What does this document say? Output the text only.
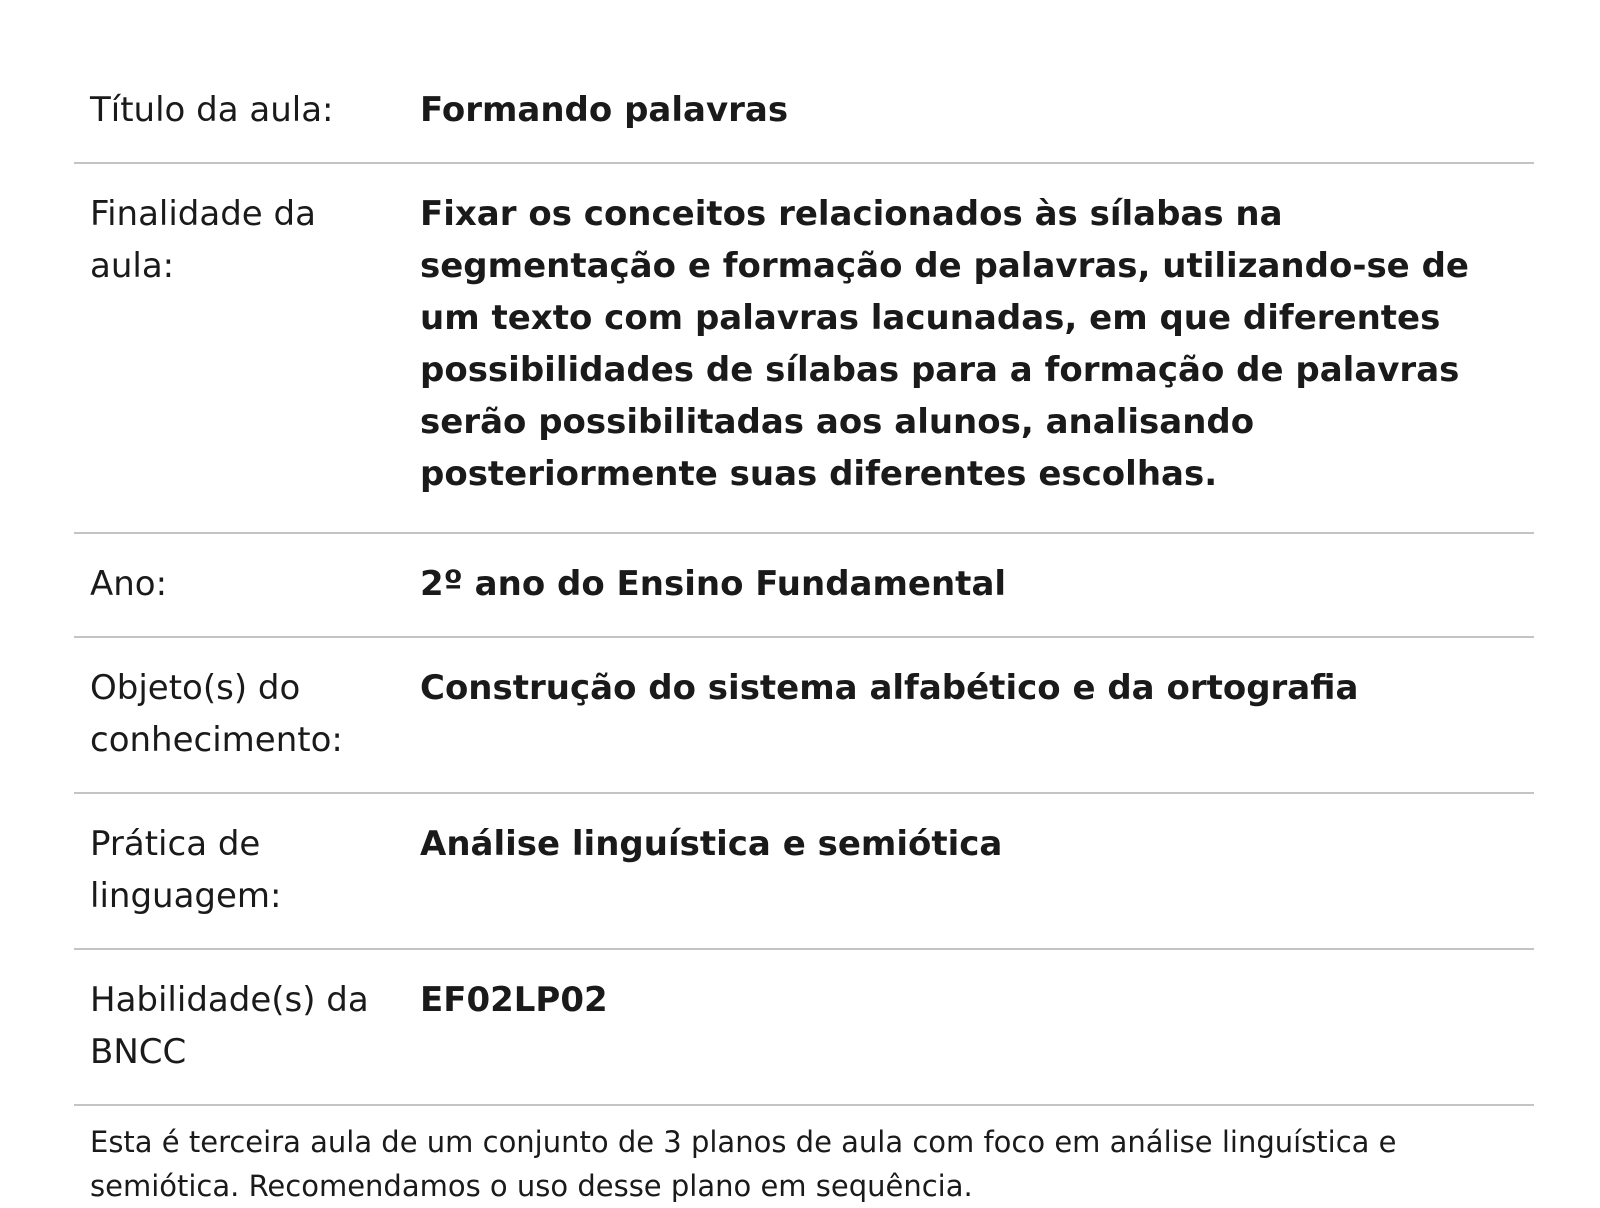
Título da aula:	Formando palavras
Finalidade da aula:	Fixar os conceitos relacionados às sílabas na segmentação e formação de palavras, utilizando-se de um texto com palavras lacunadas, em que diferentes possibilidades de sílabas para a formação de palavras serão possibilitadas aos alunos, analisando posteriormente suas diferentes escolhas.
Ano:	2º ano do Ensino Fundamental
Objeto(s) do conhecimento:	Construção do sistema alfabético e da ortografia
Prática de linguagem:	Análise linguística e semiótica
Habilidade(s) da BNCC	EF02LP02
Esta é terceira aula de um conjunto de 3 planos de aula com foco em análise linguística e semiótica. Recomendamos o uso desse plano em sequência.
